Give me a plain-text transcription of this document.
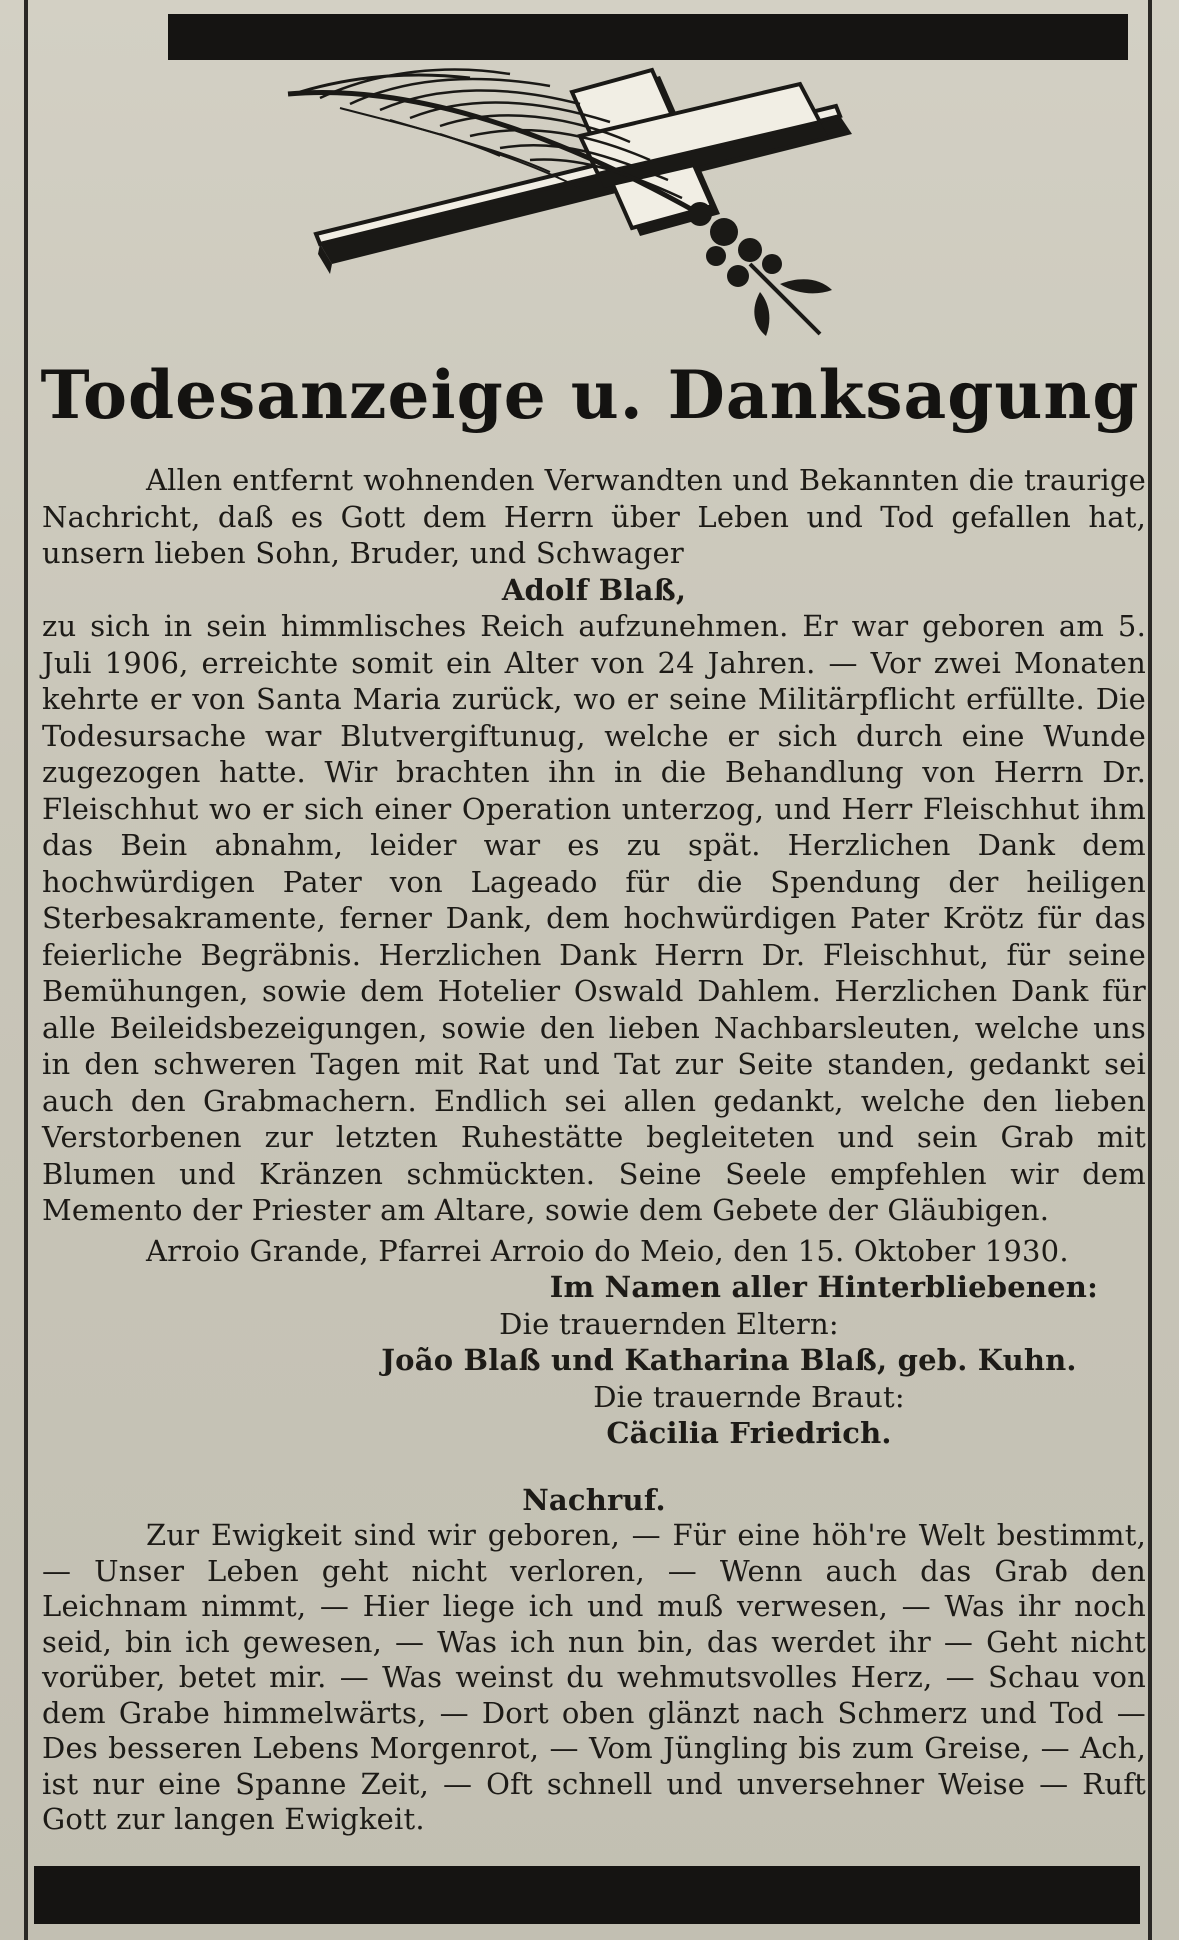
Todesanzeige u. Danksagung

Allen entfernt wohnenden Verwandten und Bekannten die traurige Nachricht, daß es Gott dem Herrn über Leben und Tod gefallen hat, unsern lieben Sohn, Bruder, und Schwager

Adolf Blaß,

zu sich in sein himmlisches Reich aufzunehmen. Er war geboren am 5. Juli 1906, erreichte somit ein Alter von 24 Jahren. — Vor zwei Monaten kehrte er von Santa Maria zurück, wo er seine Militärpflicht erfüllte. Die Todesursache war Blutvergiftunug, welche er sich durch eine Wunde zugezogen hatte. Wir brachten ihn in die Behandlung von Herrn Dr. Fleischhut wo er sich einer Operation unterzog, und Herr Fleischhut ihm das Bein abnahm, leider war es zu spät. Herzlichen Dank dem hochwürdigen Pater von Lageado für die Spendung der heiligen Sterbesakramente, ferner Dank, dem hochwürdigen Pater Krötz für das feierliche Begräbnis. Herzlichen Dank Herrn Dr. Fleischhut, für seine Bemühungen, sowie dem Hotelier Oswald Dahlem. Herzlichen Dank für alle Beileidsbezeigungen, sowie den lieben Nachbarsleuten, welche uns in den schweren Tagen mit Rat und Tat zur Seite standen, gedankt sei auch den Grabmachern. Endlich sei allen gedankt, welche den lieben Verstorbenen zur letzten Ruhestätte begleiteten und sein Grab mit Blumen und Kränzen schmückten. Seine Seele empfehlen wir dem Memento der Priester am Altare, sowie dem Gebete der Gläubigen.

Arroio Grande, Pfarrei Arroio do Meio, den 15. Oktober 1930.

Im Namen aller Hinterbliebenen:

Die trauernden Eltern:

João Blaß und Katharina Blaß, geb. Kuhn.

Die trauernde Braut:

Cäcilia Friedrich.

Nachruf.

Zur Ewigkeit sind wir geboren, — Für eine höh're Welt bestimmt, — Unser Leben geht nicht verloren, — Wenn auch das Grab den Leichnam nimmt, — Hier liege ich und muß verwesen, — Was ihr noch seid, bin ich gewesen, — Was ich nun bin, das werdet ihr — Geht nicht vorüber, betet mir. — Was weinst du wehmutsvolles Herz, — Schau von dem Grabe himmelwärts, — Dort oben glänzt nach Schmerz und Tod — Des besseren Lebens Morgenrot, — Vom Jüngling bis zum Greise, — Ach, ist nur eine Spanne Zeit, — Oft schnell und unversehner Weise — Ruft Gott zur langen Ewigkeit.
